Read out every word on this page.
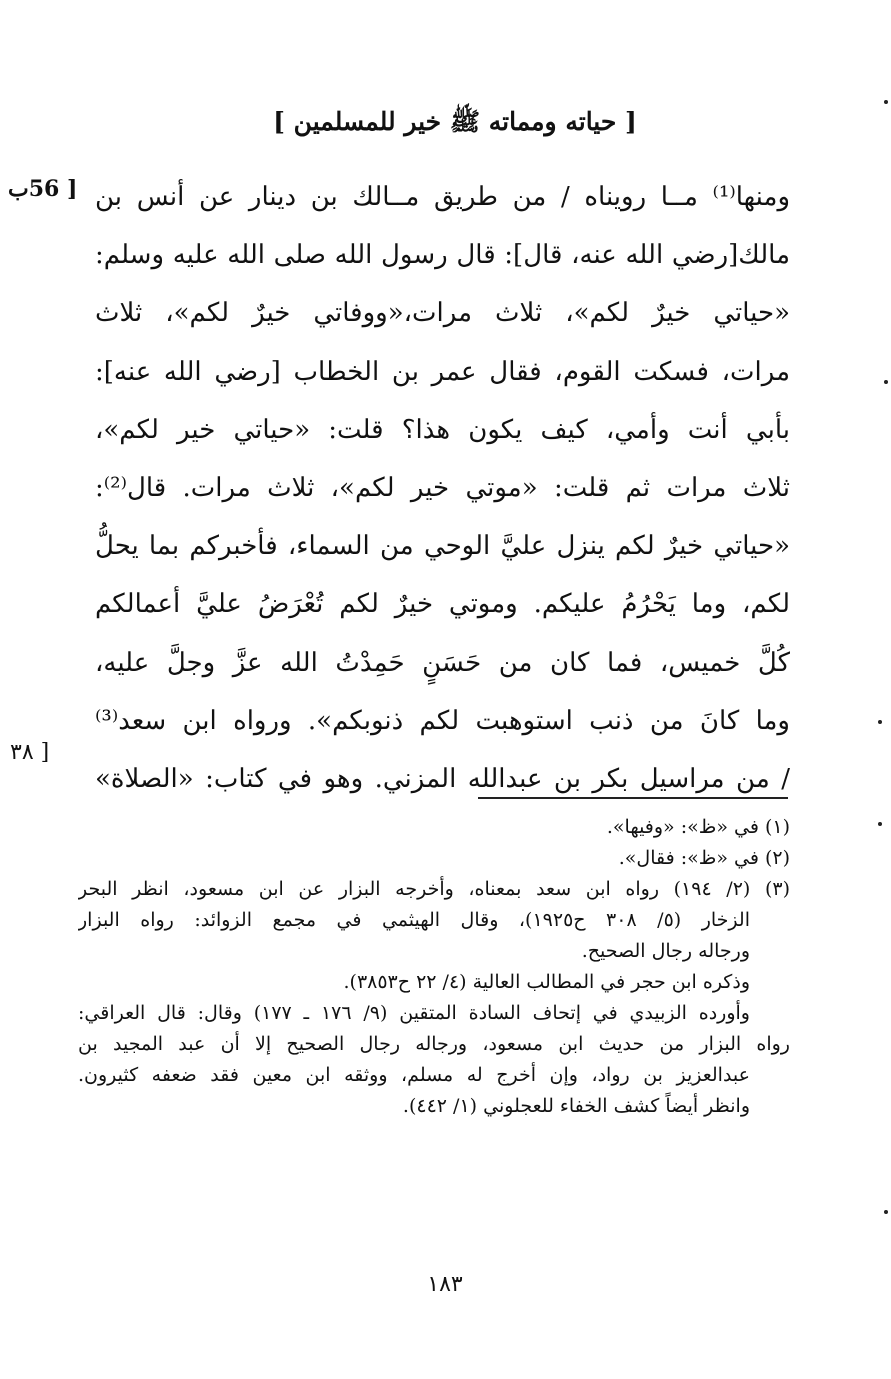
[ حياته ومماته ﷺ خير للمسلمين ]
[ 56ب
[ ٣٨
ومنها⁽¹⁾ مــا رويناه / من طريق مــالك بن دينار عن أنس بن
مالك[رضي الله عنه، قال]: قال رسول الله صلى الله عليه وسلم:
«حياتي خيرٌ لكم»، ثلاث مرات،«ووفاتي خيرٌ لكم»، ثلاث
مرات، فسكت القوم، فقال عمر بن الخطاب [رضي الله عنه]:
بأبي أنت وأمي، كيف يكون هذا؟ قلت: «حياتي خير لكم»،
ثلاث مرات ثم قلت: «موتي خير لكم»، ثلاث مرات. قال⁽²⁾:
«حياتي خيرٌ لكم ينزل عليَّ الوحي من السماء، فأخبركم بما يحلُّ
لكم، وما يَحْرُمُ عليكم. وموتي خيرٌ لكم تُعْرَضُ عليَّ أعمالكم
كُلَّ خميس، فما كان من حَسَنٍ حَمِدْتُ الله عزَّ وجلَّ عليه،
وما كانَ من ذنب استوهبت لكم ذنوبكم». ورواه ابن سعد⁽³⁾
/ من مراسيل بكر بن عبدالله المزني. وهو في كتاب: «الصلاة»
(١) في «ظ»: «وفيها».
(٢) في «ظ»: فقال».
(٣) (٢/ ١٩٤) رواه ابن سعد بمعناه، وأخرجه البزار عن ابن مسعود، انظر البحر
الزخار (٥/ ٣٠٨ ح١٩٢٥)، وقال الهيثمي في مجمع الزوائد: رواه البزار
ورجاله رجال الصحيح.
وذكره ابن حجر في المطالب العالية (٤/ ٢٢ ح٣٨٥٣).
وأورده الزبيدي في إتحاف السادة المتقين (٩/ ١٧٦ ـ ١٧٧) وقال: قال العراقي:
رواه البزار من حديث ابن مسعود، ورجاله رجال الصحيح إلا أن عبد المجيد بن
عبدالعزيز بن رواد، وإن أخرج له مسلم، ووثقه ابن معين فقد ضعفه كثيرون.
وانظر أيضاً كشف الخفاء للعجلوني (١/ ٤٤٢).
١٨٣
